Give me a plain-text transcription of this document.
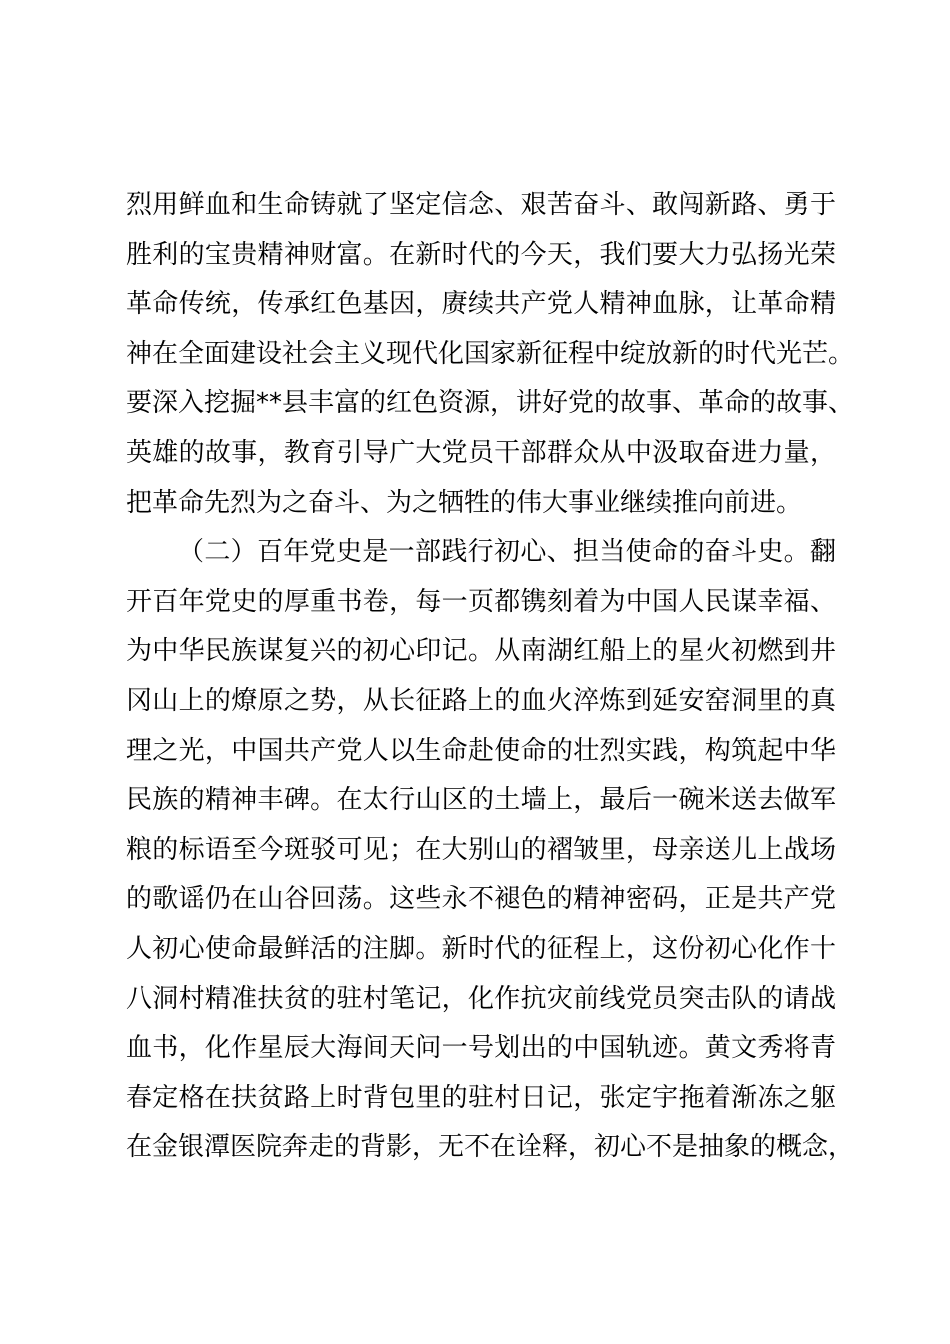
烈用鲜血和生命铸就了坚定信念、艰苦奋斗、敢闯新路、勇于
胜利的宝贵精神财富。在新时代的今天，我们要大力弘扬光荣
革命传统，传承红色基因，赓续共产党人精神血脉，让革命精
神在全面建设社会主义现代化国家新征程中绽放新的时代光芒。
要深入挖掘**县丰富的红色资源，讲好党的故事、革命的故事、
英雄的故事，教育引导广大党员干部群众从中汲取奋进力量，
把革命先烈为之奋斗、为之牺牲的伟大事业继续推向前进。
（二）百年党史是一部践行初心、担当使命的奋斗史。翻
开百年党史的厚重书卷，每一页都镌刻着为中国人民谋幸福、
为中华民族谋复兴的初心印记。从南湖红船上的星火初燃到井
冈山上的燎原之势，从长征路上的血火淬炼到延安窑洞里的真
理之光，中国共产党人以生命赴使命的壮烈实践，构筑起中华
民族的精神丰碑。在太行山区的土墙上，最后一碗米送去做军
粮的标语至今斑驳可见；在大别山的褶皱里，母亲送儿上战场
的歌谣仍在山谷回荡。这些永不褪色的精神密码，正是共产党
人初心使命最鲜活的注脚。新时代的征程上，这份初心化作十
八洞村精准扶贫的驻村笔记，化作抗灾前线党员突击队的请战
血书，化作星辰大海间天问一号划出的中国轨迹。黄文秀将青
春定格在扶贫路上时背包里的驻村日记，张定宇拖着渐冻之躯
在金银潭医院奔走的背影，无不在诠释，初心不是抽象的概念，
